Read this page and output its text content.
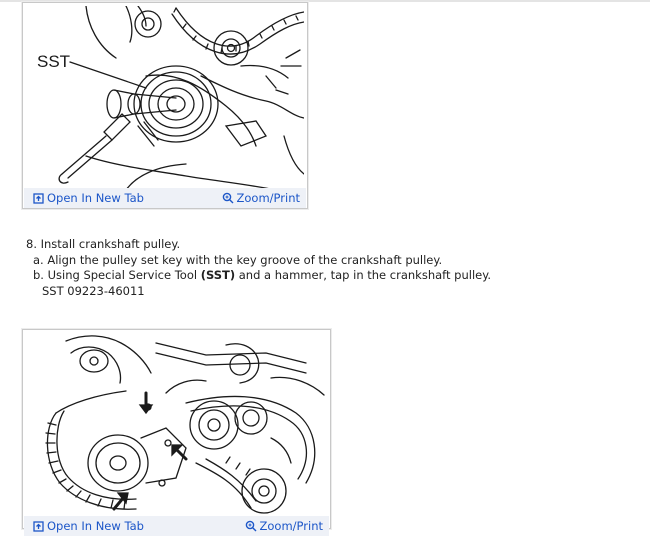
SST
Open In New Tab	Zoom/Print
8. Install crankshaft pulley.
a. Align the pulley set key with the key groove of the crankshaft pulley.
b. Using Special Service Tool (SST) and a hammer, tap in the crankshaft pulley.
SST 09223-46011
Open In New Tab	Zoom/Print
